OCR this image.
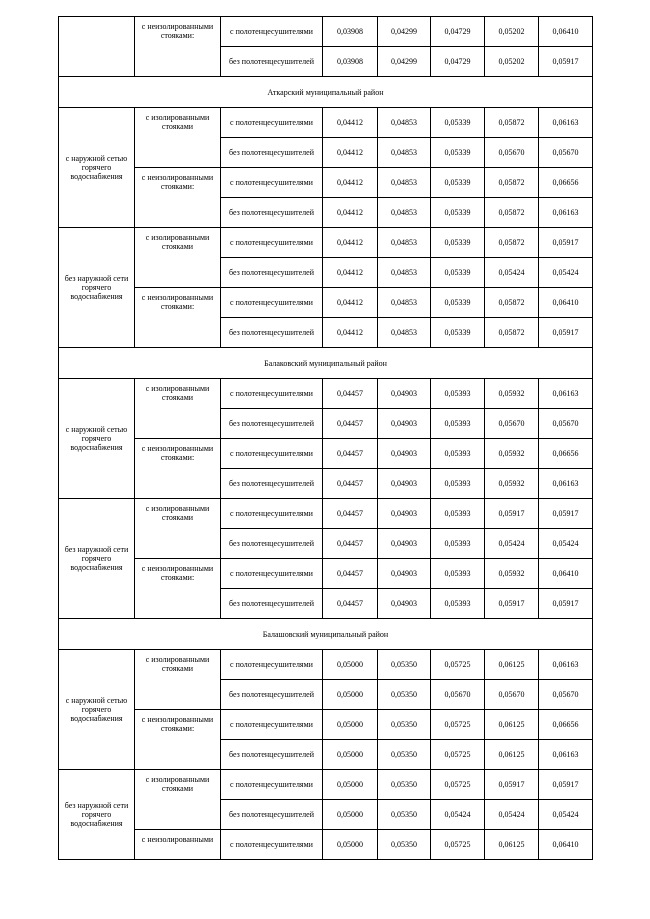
	с неизолированными стояками:	с полотенцесушителями	0,03908	0,04299	0,04729	0,05202	0,06410
		без полотенцесушителей	0,03908	0,04299	0,04729	0,05202	0,05917
Аткарский муниципальный район							
с наружной сетью горячего водоснабжения	с изолированными стояками	с полотенцесушителями	0,04412	0,04853	0,05339	0,05872	0,06163
		без полотенцесушителей	0,04412	0,04853	0,05339	0,05670	0,05670
	с неизолированными стояками:	с полотенцесушителями	0,04412	0,04853	0,05339	0,05872	0,06656
		без полотенцесушителей	0,04412	0,04853	0,05339	0,05872	0,06163
без наружной сети горячего водоснабжения	с изолированными стояками	с полотенцесушителями	0,04412	0,04853	0,05339	0,05872	0,05917
		без полотенцесушителей	0,04412	0,04853	0,05339	0,05424	0,05424
	с неизолированными стояками:	с полотенцесушителями	0,04412	0,04853	0,05339	0,05872	0,06410
		без полотенцесушителей	0,04412	0,04853	0,05339	0,05872	0,05917
Балаковский муниципальный район							
с наружной сетью горячего водоснабжения	с изолированными стояками	с полотенцесушителями	0,04457	0,04903	0,05393	0,05932	0,06163
		без полотенцесушителей	0,04457	0,04903	0,05393	0,05670	0,05670
	с неизолированными стояками:	с полотенцесушителями	0,04457	0,04903	0,05393	0,05932	0,06656
		без полотенцесушителей	0,04457	0,04903	0,05393	0,05932	0,06163
без наружной сети горячего водоснабжения	с изолированными стояками	с полотенцесушителями	0,04457	0,04903	0,05393	0,05917	0,05917
		без полотенцесушителей	0,04457	0,04903	0,05393	0,05424	0,05424
	с неизолированными стояками:	с полотенцесушителями	0,04457	0,04903	0,05393	0,05932	0,06410
		без полотенцесушителей	0,04457	0,04903	0,05393	0,05917	0,05917
Балашовский муниципальный район							
с наружной сетью горячего водоснабжения	с изолированными стояками	с полотенцесушителями	0,05000	0,05350	0,05725	0,06125	0,06163
		без полотенцесушителей	0,05000	0,05350	0,05670	0,05670	0,05670
	с неизолированными стояками:	с полотенцесушителями	0,05000	0,05350	0,05725	0,06125	0,06656
		без полотенцесушителей	0,05000	0,05350	0,05725	0,06125	0,06163
без наружной сети горячего водоснабжения	с изолированными стояками	с полотенцесушителями	0,05000	0,05350	0,05725	0,05917	0,05917
		без полотенцесушителей	0,05000	0,05350	0,05424	0,05424	0,05424
	с неизолированными	с полотенцесушителями	0,05000	0,05350	0,05725	0,06125	0,06410
